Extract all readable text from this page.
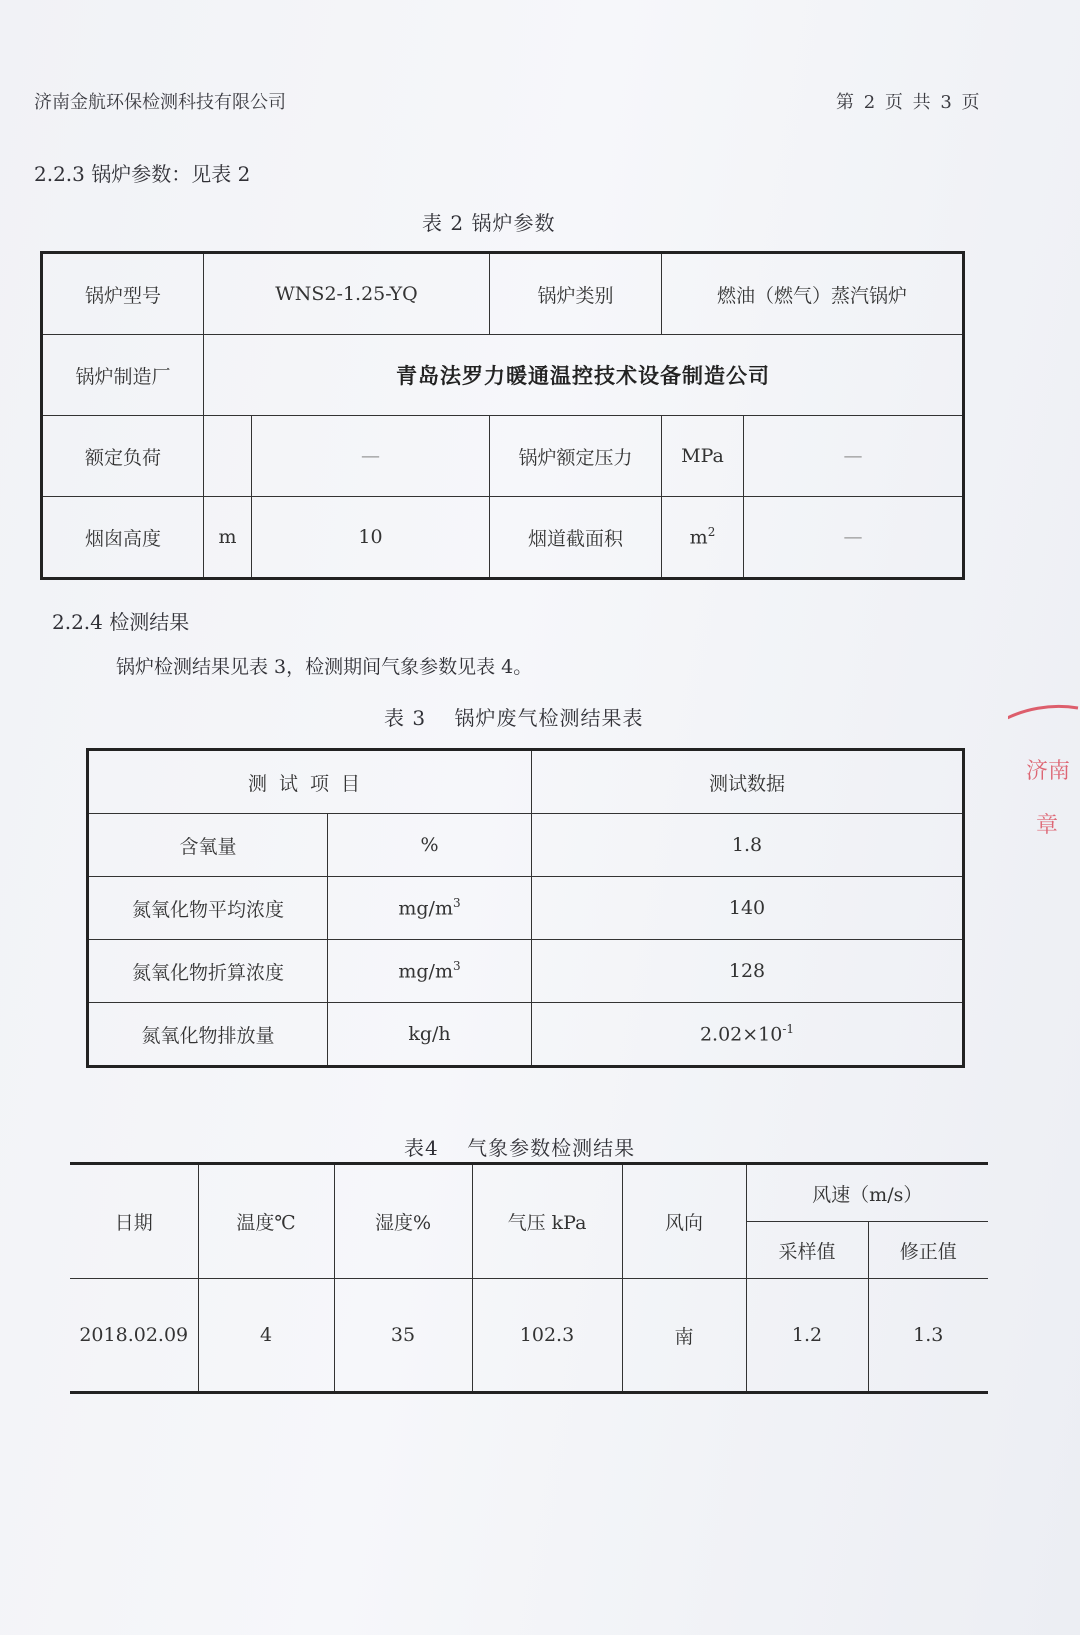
济南金航环保检测科技有限公司	第 2 页 共 3 页
2.2.3 锅炉参数：见表 2
表 2 锅炉参数
锅炉型号	WNS2-1.25-YQ		锅炉类别	燃油（燃气）蒸汽锅炉	
锅炉制造厂	青岛法罗力暖通温控技术设备制造公司				
额定负荷		—	锅炉额定压力	MPa	—
烟囱高度	m	10	烟道截面积	$m^2$	—
2.2.4 检测结果
锅炉检测结果见表 3，检测期间气象参数见表 4。
表 3　 锅炉废气检测结果表
测试项目		测试数据
含氧量	%	1.8
氮氧化物平均浓度	$mg/m^3$	140
氮氧化物折算浓度	$mg/m^3$	128
氮氧化物排放量	kg/h	$2.02\times 10^{-1}$
表4　 气象参数检测结果
日期	温度℃	湿度%	气压 kPa	风向	风速（m/s）	
					采样值	修正值
2018.02.09	4	35	102.3	南	1.2	1.3
济南
章
